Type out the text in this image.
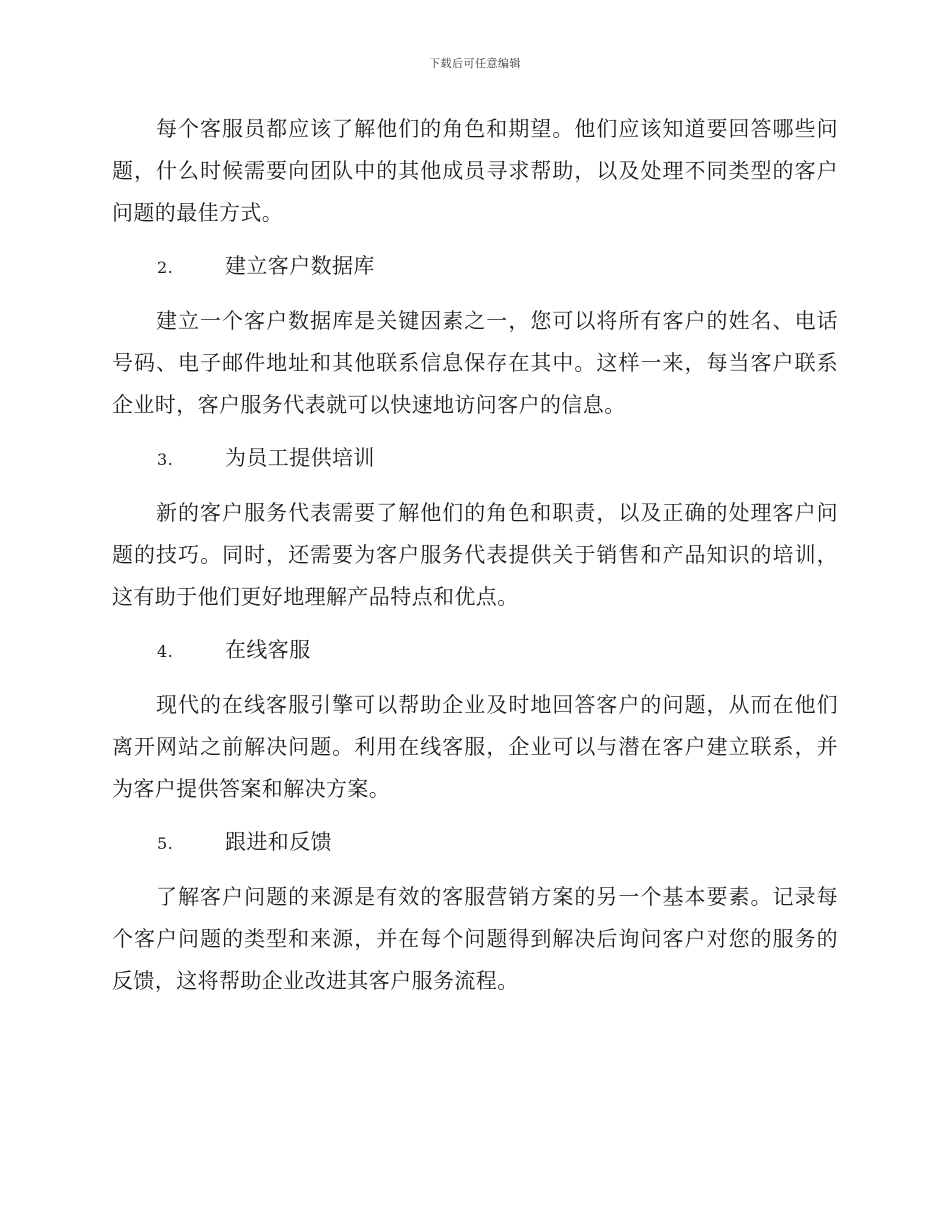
下载后可任意编辑

每个客服员都应该了解他们的角色和期望。他们应该知道要回答哪些问题，什么时候需要向团队中的其他成员寻求帮助，以及处理不同类型的客户问题的最佳方式。

2.	建立客户数据库

建立一个客户数据库是关键因素之一，您可以将所有客户的姓名、电话号码、电子邮件地址和其他联系信息保存在其中。这样一来，每当客户联系企业时，客户服务代表就可以快速地访问客户的信息。

3.	为员工提供培训

新的客户服务代表需要了解他们的角色和职责，以及正确的处理客户问题的技巧。同时，还需要为客户服务代表提供关于销售和产品知识的培训，这有助于他们更好地理解产品特点和优点。

4.	在线客服

现代的在线客服引擎可以帮助企业及时地回答客户的问题，从而在他们离开网站之前解决问题。利用在线客服，企业可以与潜在客户建立联系，并为客户提供答案和解决方案。

5.	跟进和反馈

了解客户问题的来源是有效的客服营销方案的另一个基本要素。记录每个客户问题的类型和来源，并在每个问题得到解决后询问客户对您的服务的反馈，这将帮助企业改进其客户服务流程。
